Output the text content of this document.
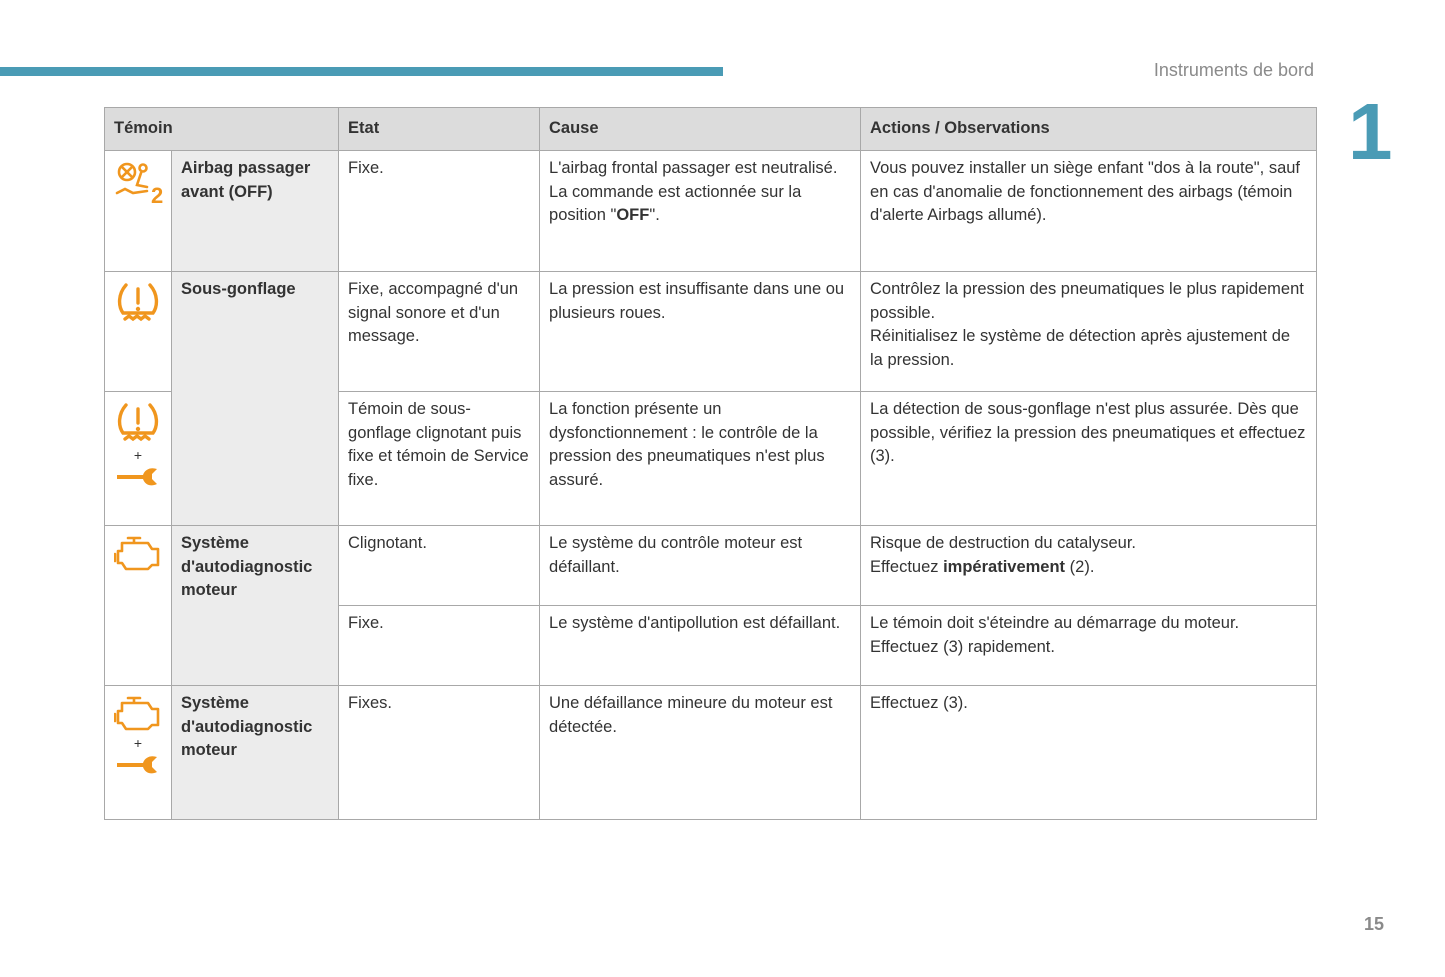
Instruments de bord
1
Témoin		Etat	Cause	Actions / Observations

2	Airbag passager avant (OFF)	Fixe.	L'airbag frontal passager est neutralisé.
La commande est actionnée sur la position "OFF".	Vous pouvez installer un siège enfant "dos à la route", sauf en cas d'anomalie de fonctionnement des airbags (témoin d'alerte Airbags allumé).

	Sous-gonflage	Fixe, accompagné d'un signal sonore et d'un message.	La pression est insuffisante dans une ou plusieurs roues.	Contrôlez la pression des pneumatiques le plus rapidement possible.
Réinitialisez le système de détection après ajustement de la pression.

+		Témoin de sous-gonflage clignotant puis fixe et témoin de Service fixe.	La fonction présente un dysfonctionnement : le contrôle de la pression des pneumatiques n'est plus assuré.	La détection de sous-gonflage n'est plus assurée. Dès que possible, vérifiez la pression des pneumatiques et effectuez (3).

	Système d'autodiagnostic moteur	Clignotant.	Le système du contrôle moteur est défaillant.	Risque de destruction du catalyseur.
Effectuez impérativement (2).

		Fixe.	Le système d'antipollution est défaillant.	Le témoin doit s'éteindre au démarrage du moteur. Effectuez (3) rapidement.

+	Système d'autodiagnostic moteur	Fixes.	Une défaillance mineure du moteur est détectée.	Effectuez (3).
15
